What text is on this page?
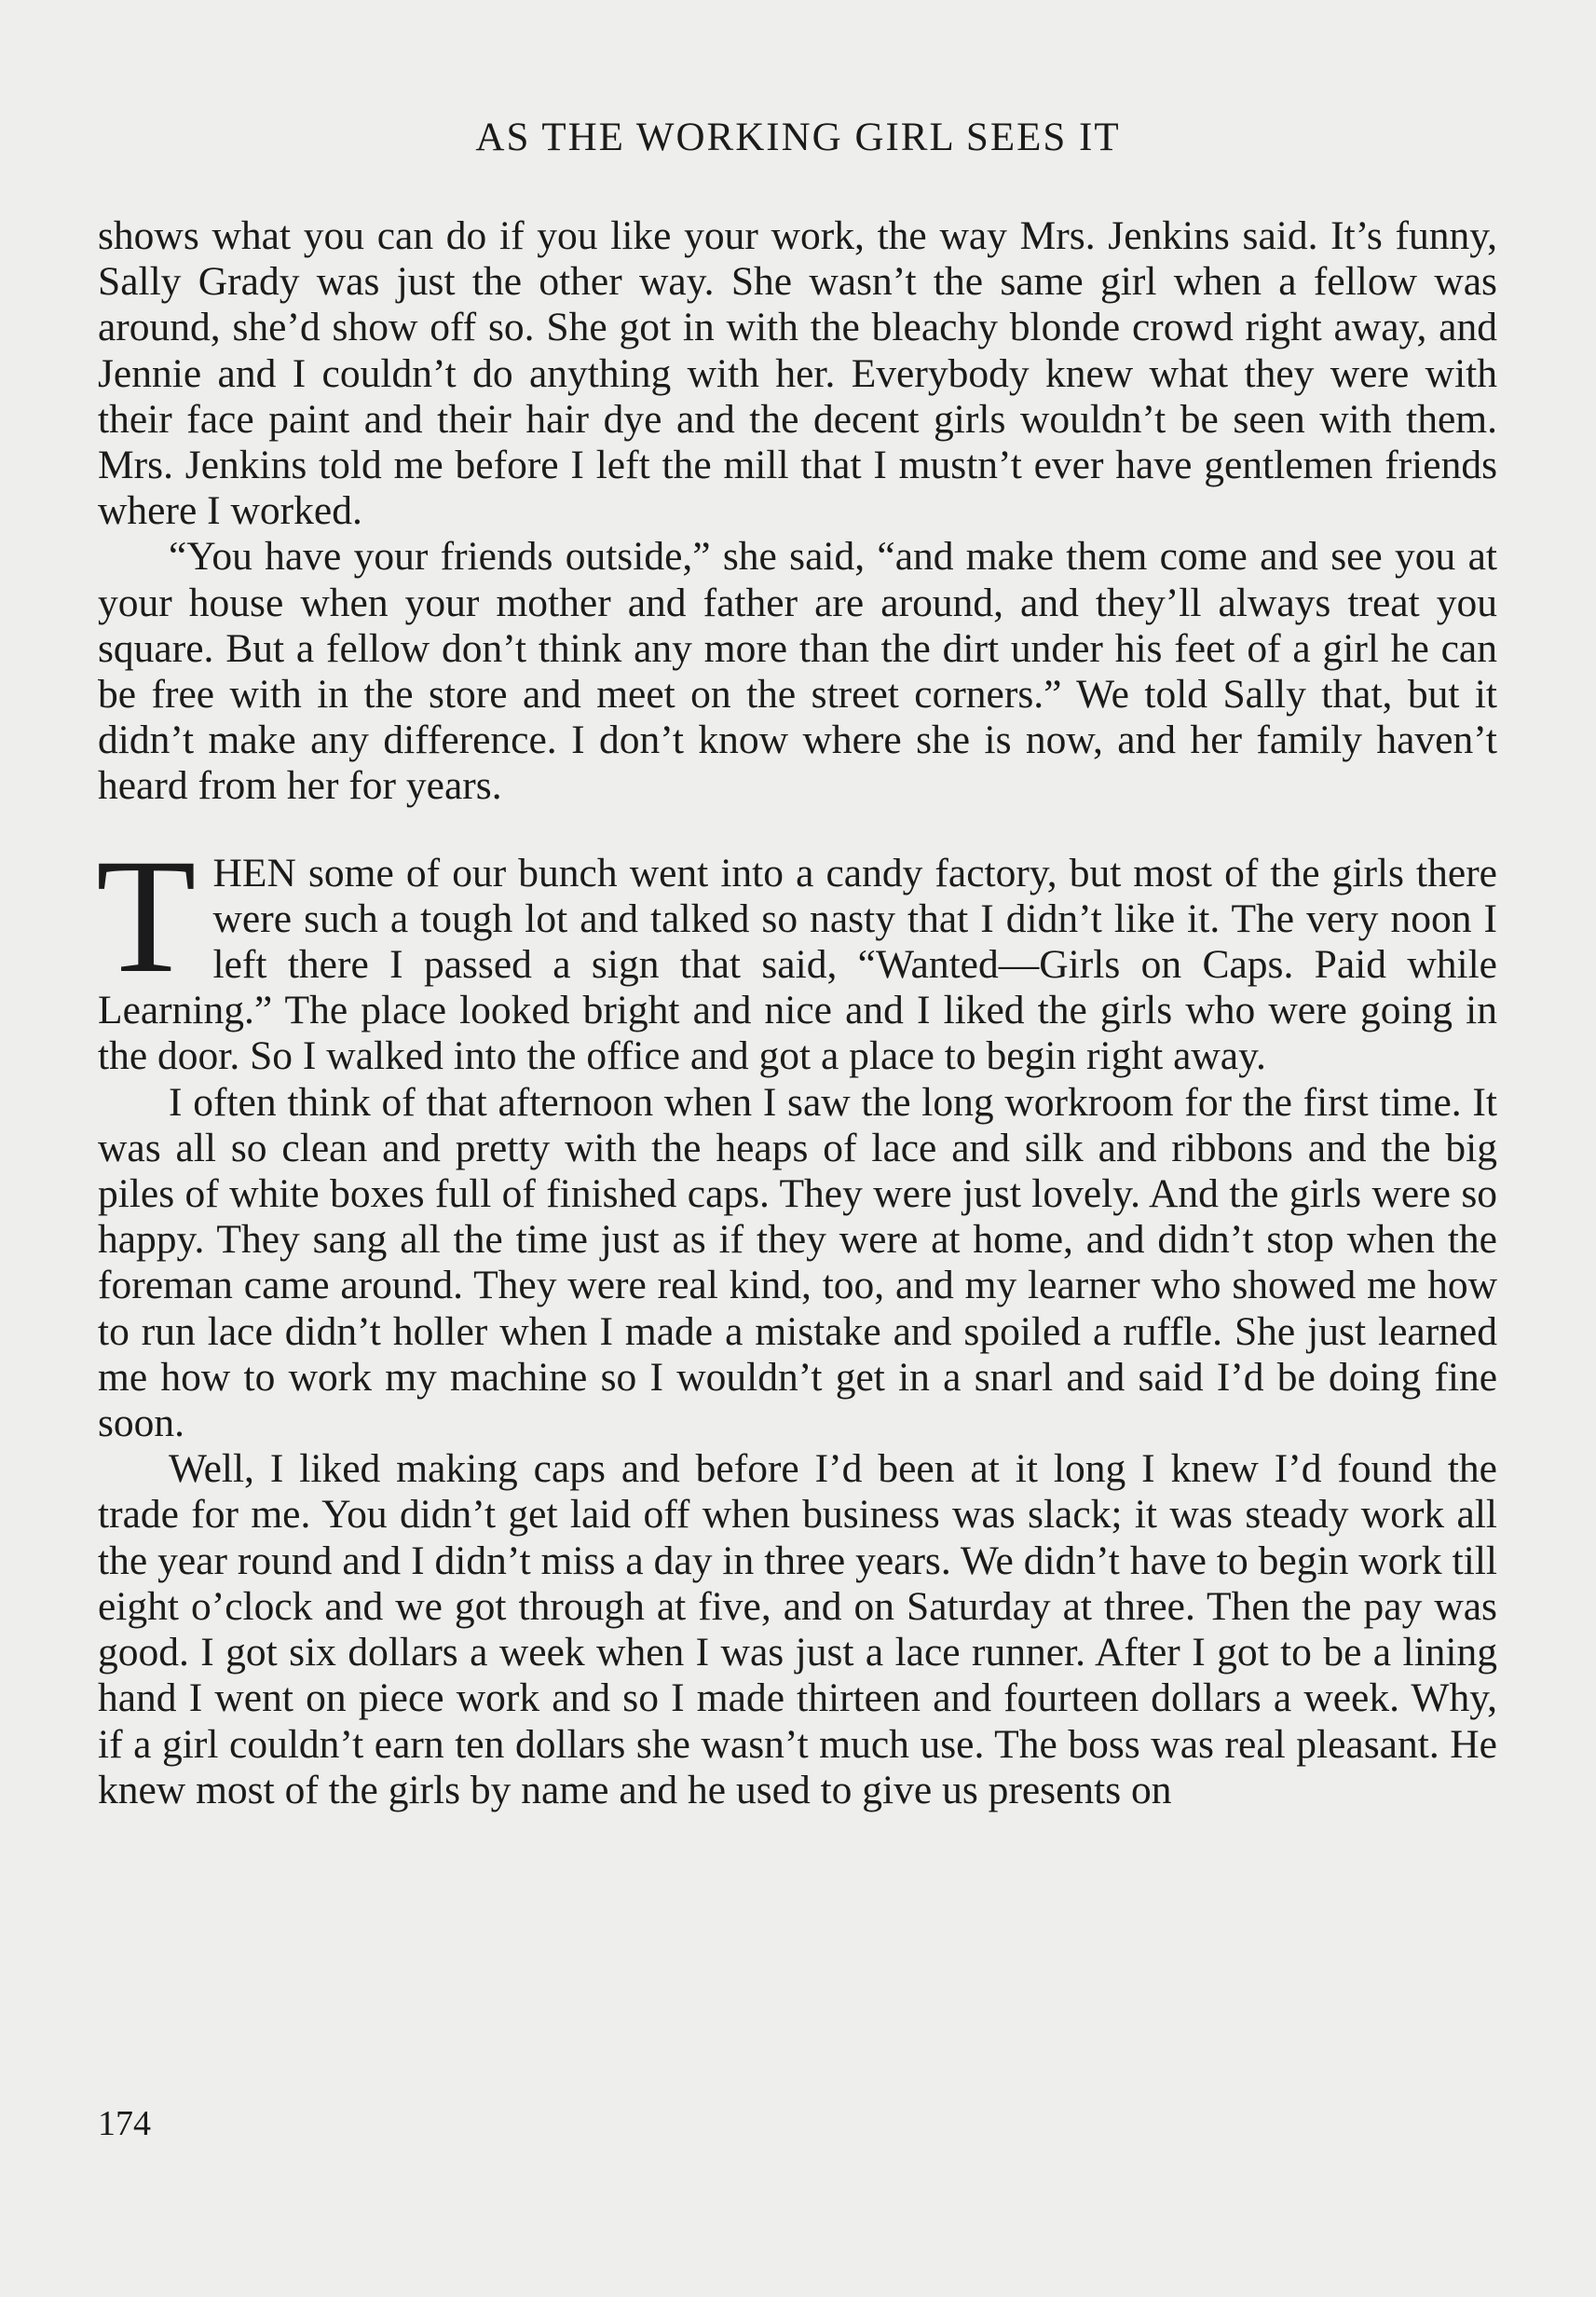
AS THE WORKING GIRL SEES IT

shows what you can do if you like your work, the way Mrs. Jenkins said. It’s funny, Sally Grady was just the other way. She wasn’t the same girl when a fellow was around, she’d show off so. She got in with the bleachy blonde crowd right away, and Jennie and I couldn’t do anything with her. Everybody knew what they were with their face paint and their hair dye and the decent girls wouldn’t be seen with them. Mrs. Jenkins told me before I left the mill that I mustn’t ever have gentlemen friends where I worked.

“You have your friends outside,” she said, “and make them come and see you at your house when your mother and father are around, and they’ll always treat you square. But a fellow don’t think any more than the dirt under his feet of a girl he can be free with in the store and meet on the street corners.” We told Sally that, but it didn’t make any difference. I don’t know where she is now, and her family haven’t heard from her for years.

THEN some of our bunch went into a candy factory, but most of the girls there were such a tough lot and talked so nasty that I didn’t like it. The very noon I left there I passed a sign that said, “Wanted—Girls on Caps. Paid while Learning.” The place looked bright and nice and I liked the girls who were going in the door. So I walked into the office and got a place to begin right away.

I often think of that afternoon when I saw the long workroom for the first time. It was all so clean and pretty with the heaps of lace and silk and ribbons and the big piles of white boxes full of finished caps. They were just lovely. And the girls were so happy. They sang all the time just as if they were at home, and didn’t stop when the foreman came around. They were real kind, too, and my learner who showed me how to run lace didn’t holler when I made a mistake and spoiled a ruffle. She just learned me how to work my machine so I wouldn’t get in a snarl and said I’d be doing fine soon.

Well, I liked making caps and before I’d been at it long I knew I’d found the trade for me. You didn’t get laid off when business was slack; it was steady work all the year round and I didn’t miss a day in three years. We didn’t have to begin work till eight o’clock and we got through at five, and on Saturday at three. Then the pay was good. I got six dollars a week when I was just a lace runner. After I got to be a lining hand I went on piece work and so I made thirteen and fourteen dollars a week. Why, if a girl couldn’t earn ten dollars she wasn’t much use. The boss was real pleasant. He knew most of the girls by name and he used to give us presents on

174
